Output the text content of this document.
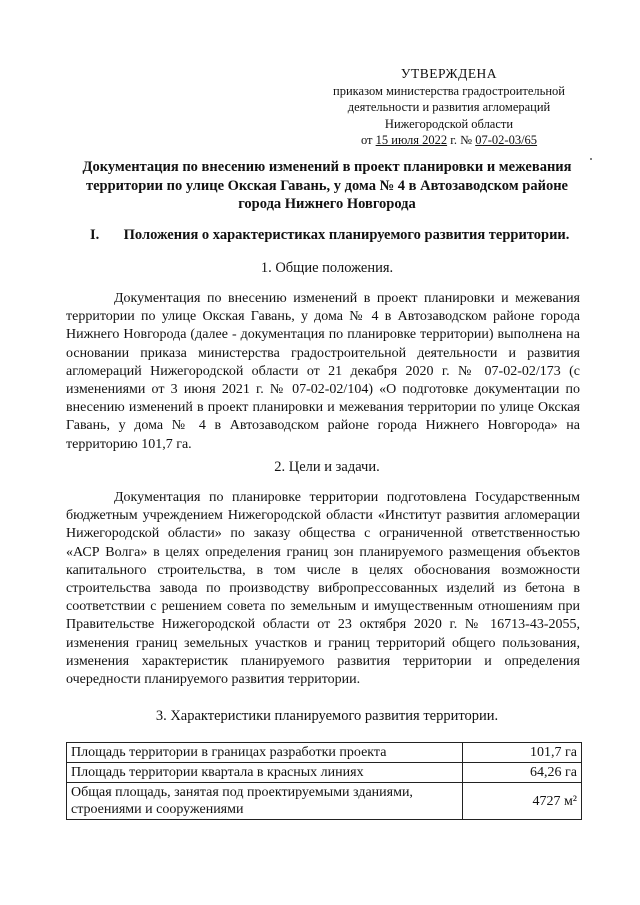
УТВЕРЖДЕНА
приказом министерства градостроительной
деятельности и развития агломераций
Нижегородской области
от 15 июля 2022 г. № 07-02-03/65
Документация по внесению изменений в проект планировки и межевания территории по улице Окская Гавань, у дома № 4 в Автозаводском районе города Нижнего Новгорода
I. Положения о характеристиках планируемого развития территории.
1. Общие положения.
Документация по внесению изменений в проект планировки и межевания территории по улице Окская Гавань, у дома № 4 в Автозаводском районе города Нижнего Новгорода (далее - документация по планировке территории) выполнена на основании приказа министерства градостроительной деятельности и развития агломераций Нижегородской области от 21 декабря 2020 г. № 07-02-02/173 (с изменениями от 3 июня 2021 г. № 07-02-02/104) «О подготовке документации по внесению изменений в проект планировки и межевания территории по улице Окская Гавань, у дома № 4 в Автозаводском районе города Нижнего Новгорода» на территорию 101,7 га.
2. Цели и задачи.
Документация по планировке территории подготовлена Государственным бюджетным учреждением Нижегородской области «Институт развития агломерации Нижегородской области» по заказу общества с ограниченной ответственностью «АСР Волга» в целях определения границ зон планируемого размещения объектов капитального строительства, в том числе в целях обоснования возможности строительства завода по производству вибропрессованных изделий из бетона в соответствии с решением совета по земельным и имущественным отношениям при Правительстве Нижегородской области от 23 октября 2020 г. № 16713-43-2055, изменения границ земельных участков и границ территорий общего пользования, изменения характеристик планируемого развития территории и определения очередности планируемого развития территории.
3. Характеристики планируемого развития территории.
Площадь территории в границах разработки проекта	101,7 га
Площадь территории квартала в красных линиях	64,26 га
Общая площадь, занятая под проектируемыми зданиями, строениями и сооружениями	4727 м²
